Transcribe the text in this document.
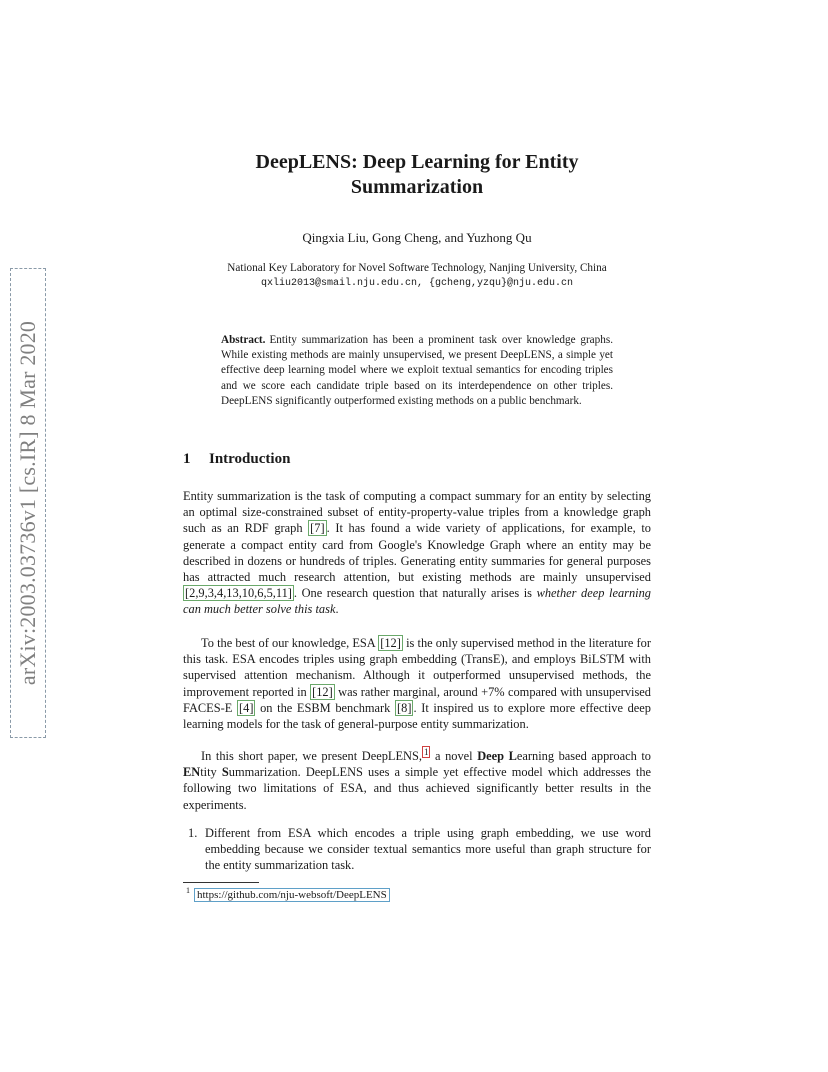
arXiv:2003.03736v1 [cs.IR] 8 Mar 2020
DeepLENS: Deep Learning for Entity
Summarization
Qingxia Liu, Gong Cheng, and Yuzhong Qu
National Key Laboratory for Novel Software Technology, Nanjing University, China
qxliu2013@smail.nju.edu.cn, {gcheng,yzqu}@nju.edu.cn
Abstract. Entity summarization has been a prominent task over knowledge graphs. While existing methods are mainly unsupervised, we present DeepLENS, a simple yet effective deep learning model where we exploit textual semantics for encoding triples and we score each candidate triple based on its interdependence on other triples. DeepLENS significantly outperformed existing methods on a public benchmark.
1 Introduction
Entity summarization is the task of computing a compact summary for an entity by selecting an optimal size-constrained subset of entity-property-value triples from a knowledge graph such as an RDF graph [7] . It has found a wide variety of applications, for example, to generate a compact entity card from Google's Knowledge Graph where an entity may be described in dozens or hundreds of triples. Generating entity summaries for general purposes has attracted much research attention, but existing methods are mainly unsupervised [2,9,3,4,13,10,6,5,11] . One research question that naturally arises is whether deep learning can much better solve this task.
To the best of our knowledge, ESA [12] is the only supervised method in the literature for this task. ESA encodes triples using graph embedding (TransE), and employs BiLSTM with supervised attention mechanism. Although it outperformed unsupervised methods, the improvement reported in [12] was rather marginal, around +7% compared with unsupervised FACES-E [4] on the ESBM benchmark [8] . It inspired us to explore more effective deep learning models for the task of general-purpose entity summarization.
In this short paper, we present DeepLENS, $^1$ a novel Deep Learning based approach to ENtity Summarization. DeepLENS uses a simple yet effective model which addresses the following two limitations of ESA, and thus achieved significantly better results in the experiments.
1. Different from ESA which encodes a triple using graph embedding, we use word embedding because we consider textual semantics more useful than graph structure for the entity summarization task.
$^1$ https://github.com/nju-websoft/DeepLENS
